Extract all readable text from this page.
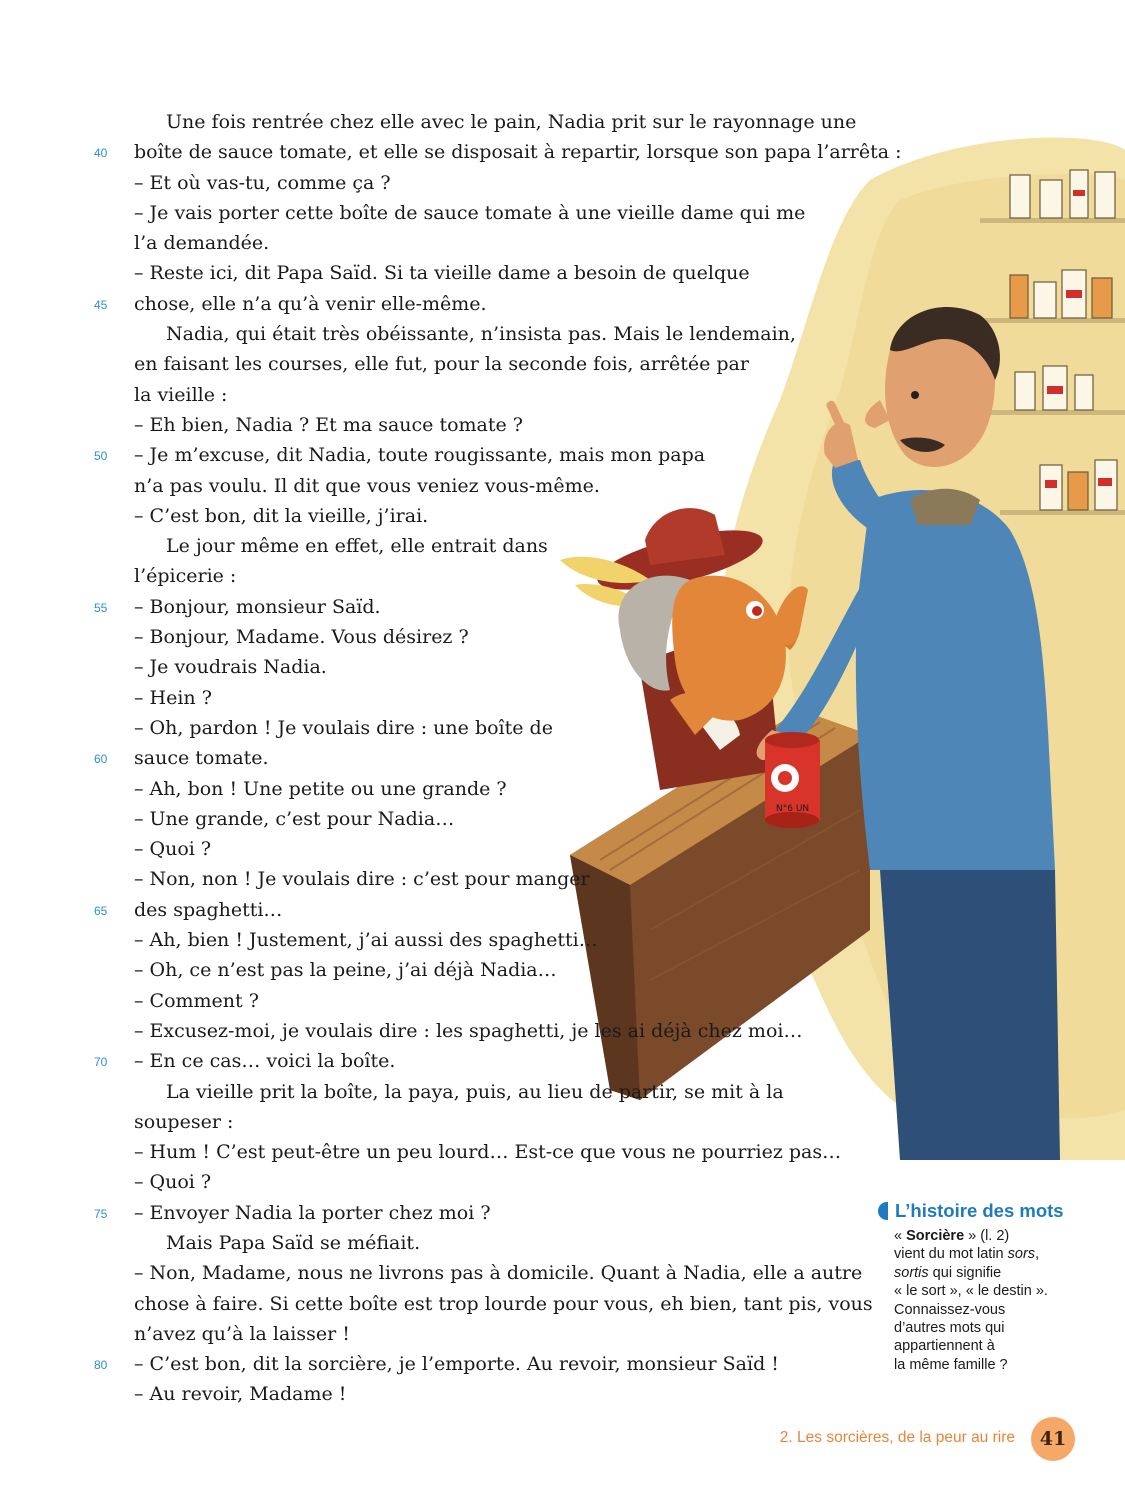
N°6 UN
Une fois rentrée chez elle avec le pain, Nadia prit sur le rayonnage une
40 boîte de sauce tomate, et elle se disposait à repartir, lorsque son papa l’arrêta :
– Et où vas-tu, comme ça ?
– Je vais porter cette boîte de sauce tomate à une vieille dame qui me
l’a demandée.
– Reste ici, dit Papa Saïd. Si ta vieille dame a besoin de quelque
45 chose, elle n’a qu’à venir elle-même.
Nadia, qui était très obéissante, n’insista pas. Mais le lendemain,
en faisant les courses, elle fut, pour la seconde fois, arrêtée par
la vieille :
– Eh bien, Nadia ? Et ma sauce tomate ?
50 – Je m’excuse, dit Nadia, toute rougissante, mais mon papa
n’a pas voulu. Il dit que vous veniez vous-même.
– C’est bon, dit la vieille, j’irai.
Le jour même en effet, elle entrait dans
l’épicerie :
55 – Bonjour, monsieur Saïd.
– Bonjour, Madame. Vous désirez ?
– Je voudrais Nadia.
– Hein ?
– Oh, pardon ! Je voulais dire : une boîte de
60 sauce tomate.
– Ah, bon ! Une petite ou une grande ?
– Une grande, c’est pour Nadia…
– Quoi ?
– Non, non ! Je voulais dire : c’est pour manger
65 des spaghetti…
– Ah, bien ! Justement, j’ai aussi des spaghetti…
– Oh, ce n’est pas la peine, j’ai déjà Nadia…
– Comment ?
– Excusez-moi, je voulais dire : les spaghetti, je les ai déjà chez moi…
70 – En ce cas… voici la boîte.
La vieille prit la boîte, la paya, puis, au lieu de partir, se mit à la
soupeser :
– Hum ! C’est peut-être un peu lourd… Est-ce que vous ne pourriez pas…
– Quoi ?
75 – Envoyer Nadia la porter chez moi ?
Mais Papa Saïd se méfiait.
– Non, Madame, nous ne livrons pas à domicile. Quant à Nadia, elle a autre
chose à faire. Si cette boîte est trop lourde pour vous, eh bien, tant pis, vous
n’avez qu’à la laisser !
80 – C’est bon, dit la sorcière, je l’emporte. Au revoir, monsieur Saïd !
– Au revoir, Madame !
L’histoire des mots
« Sorcière » (l. 2)
vient du mot latin sors,
sortis qui signifie
« le sort », « le destin ».
Connaissez-vous
d’autres mots qui
appartiennent à
la même famille ?
2. Les sorcières, de la peur au rire	41
